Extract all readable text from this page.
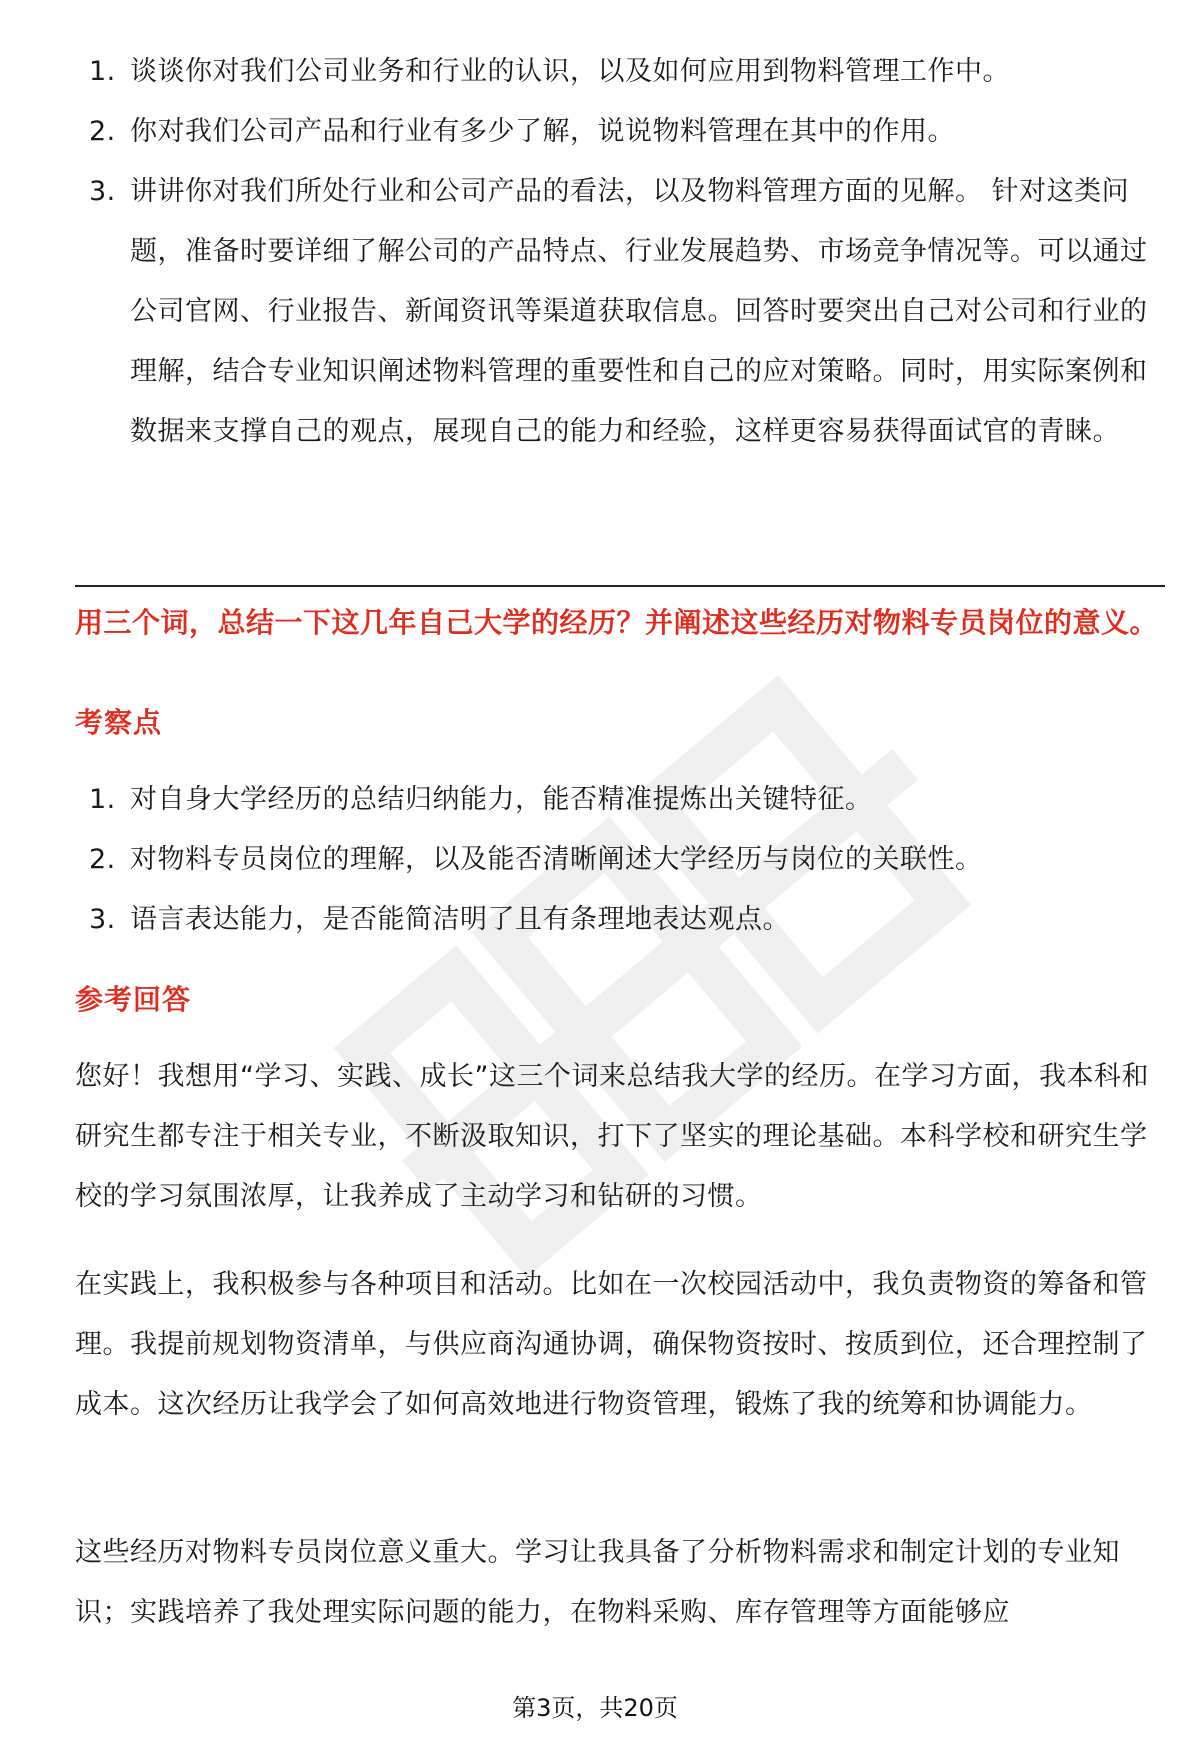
1. 谈谈你对我们公司业务和行业的认识，以及如何应用到物料管理工作中。
2. 你对我们公司产品和行业有多少了解，说说物料管理在其中的作用。
3. 讲讲你对我们所处行业和公司产品的看法，以及物料管理方面的见解。 针对这类问题，准备时要详细了解公司的产品特点、行业发展趋势、市场竞争情况等。可以通过公司官网、行业报告、新闻资讯等渠道获取信息。回答时要突出自己对公司和行业的理解，结合专业知识阐述物料管理的重要性和自己的应对策略。同时，用实际案例和数据来支撑自己的观点，展现自己的能力和经验，这样更容易获得面试官的青睐。
用三个词，总结一下这几年自己大学的经历？并阐述这些经历对物料专员岗位的意义。
考察点
1. 对自身大学经历的总结归纳能力，能否精准提炼出关键特征。
2. 对物料专员岗位的理解，以及能否清晰阐述大学经历与岗位的关联性。
3. 语言表达能力，是否能简洁明了且有条理地表达观点。
参考回答

您好！我想用“学习、实践、成长”这三个词来总结我大学的经历。在学习方面，我本科和研究生都专注于相关专业，不断汲取知识，打下了坚实的理论基础。本科学校和研究生学校的学习氛围浓厚，让我养成了主动学习和钻研的习惯。

在实践上，我积极参与各种项目和活动。比如在一次校园活动中，我负责物资的筹备和管理。我提前规划物资清单，与供应商沟通协调，确保物资按时、按质到位，还合理控制了成本。这次经历让我学会了如何高效地进行物资管理，锻炼了我的统筹和协调能力。

这些经历对物料专员岗位意义重大。学习让我具备了分析物料需求和制定计划的专业知识；实践培养了我处理实际问题的能力，在物料采购、库存管理等方面能够应

第3页，共20页
